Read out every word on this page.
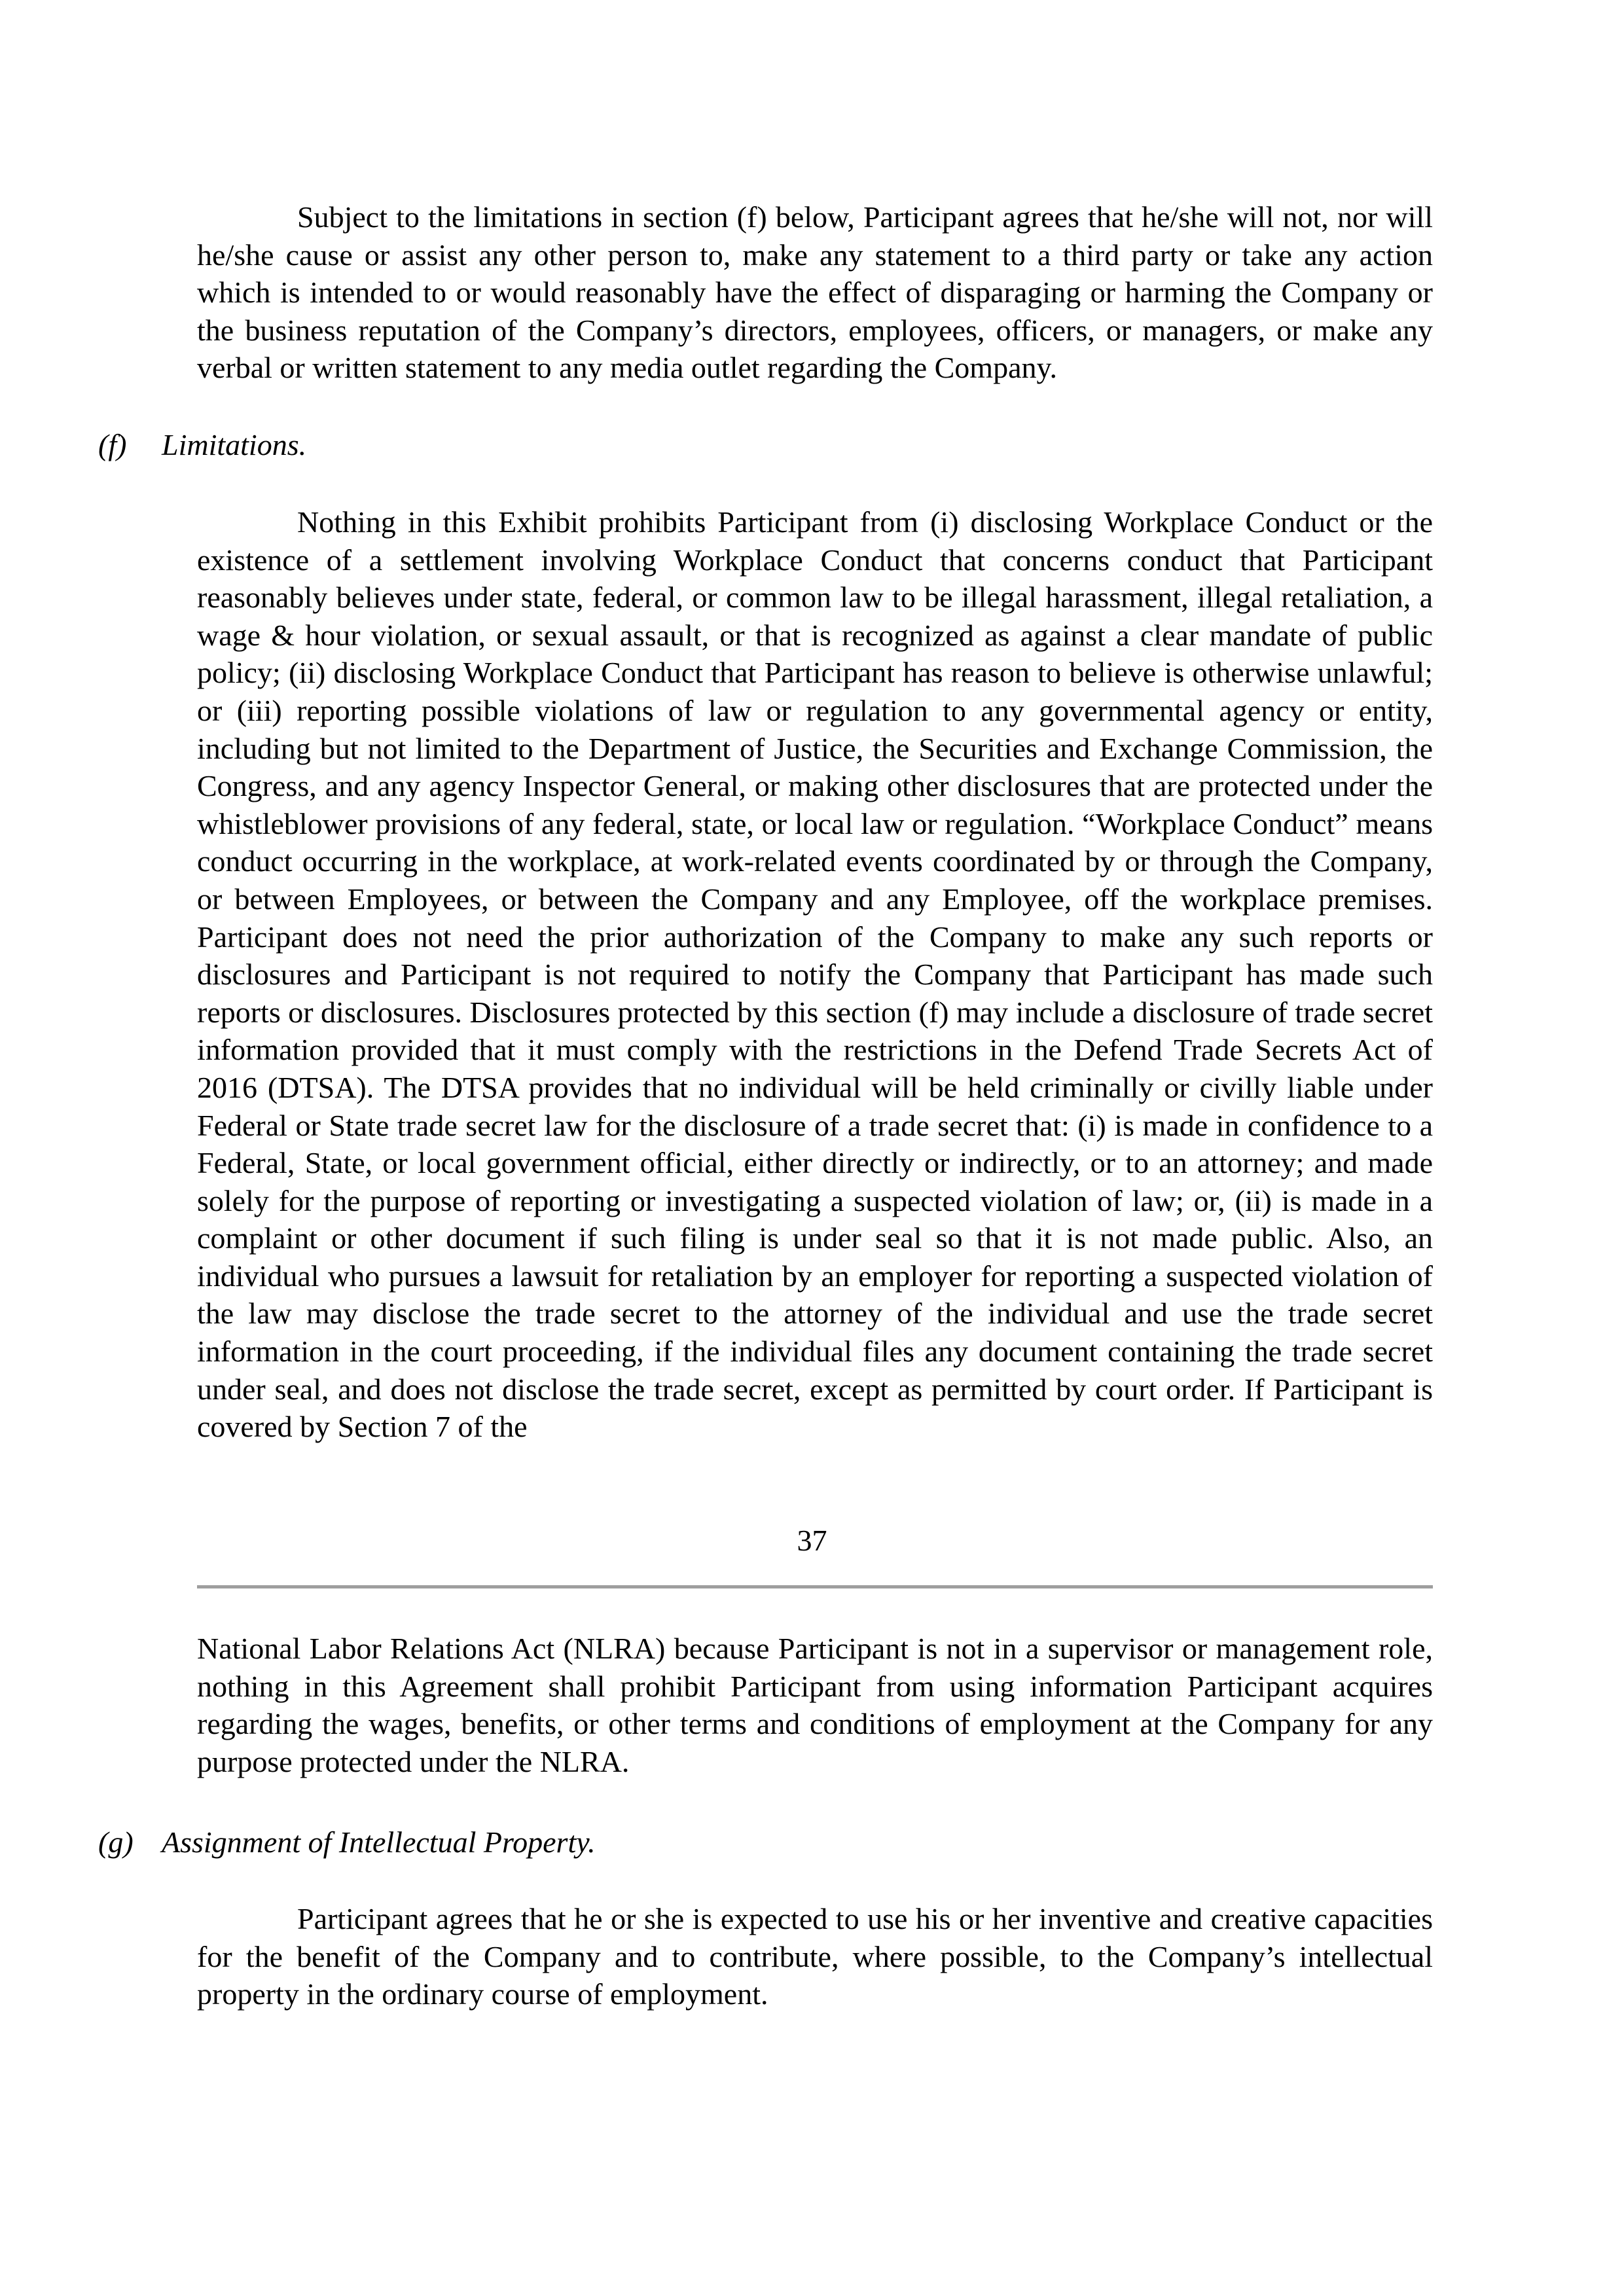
Subject to the limitations in section (f) below, Participant agrees that he/she will not, nor will he/she cause or assist any other person to, make any statement to a third party or take any action which is intended to or would reasonably have the effect of disparaging or harming the Company or the business reputation of the Company’s directors, employees, officers, or managers, or make any verbal or written statement to any media outlet regarding the Company.

(f) Limitations.

Nothing in this Exhibit prohibits Participant from (i) disclosing Workplace Conduct or the existence of a settlement involving Workplace Conduct that concerns conduct that Participant reasonably believes under state, federal, or common law to be illegal harassment, illegal retaliation, a wage & hour violation, or sexual assault, or that is recognized as against a clear mandate of public policy; (ii) disclosing Workplace Conduct that Participant has reason to believe is otherwise unlawful; or (iii) reporting possible violations of law or regulation to any governmental agency or entity, including but not limited to the Department of Justice, the Securities and Exchange Commission, the Congress, and any agency Inspector General, or making other disclosures that are protected under the whistleblower provisions of any federal, state, or local law or regulation. “Workplace Conduct” means conduct occurring in the workplace, at work-related events coordinated by or through the Company, or between Employees, or between the Company and any Employee, off the workplace premises. Participant does not need the prior authorization of the Company to make any such reports or disclosures and Participant is not required to notify the Company that Participant has made such reports or disclosures. Disclosures protected by this section (f) may include a disclosure of trade secret information provided that it must comply with the restrictions in the Defend Trade Secrets Act of 2016 (DTSA). The DTSA provides that no individual will be held criminally or civilly liable under Federal or State trade secret law for the disclosure of a trade secret that: (i) is made in confidence to a Federal, State, or local government official, either directly or indirectly, or to an attorney; and made solely for the purpose of reporting or investigating a suspected violation of law; or, (ii) is made in a complaint or other document if such filing is under seal so that it is not made public. Also, an individual who pursues a lawsuit for retaliation by an employer for reporting a suspected violation of the law may disclose the trade secret to the attorney of the individual and use the trade secret information in the court proceeding, if the individual files any document containing the trade secret under seal, and does not disclose the trade secret, except as permitted by court order. If Participant is covered by Section 7 of the

37

National Labor Relations Act (NLRA) because Participant is not in a supervisor or management role, nothing in this Agreement shall prohibit Participant from using information Participant acquires regarding the wages, benefits, or other terms and conditions of employment at the Company for any purpose protected under the NLRA.

(g) Assignment of Intellectual Property.

Participant agrees that he or she is expected to use his or her inventive and creative capacities for the benefit of the Company and to contribute, where possible, to the Company’s intellectual property in the ordinary course of employment.
